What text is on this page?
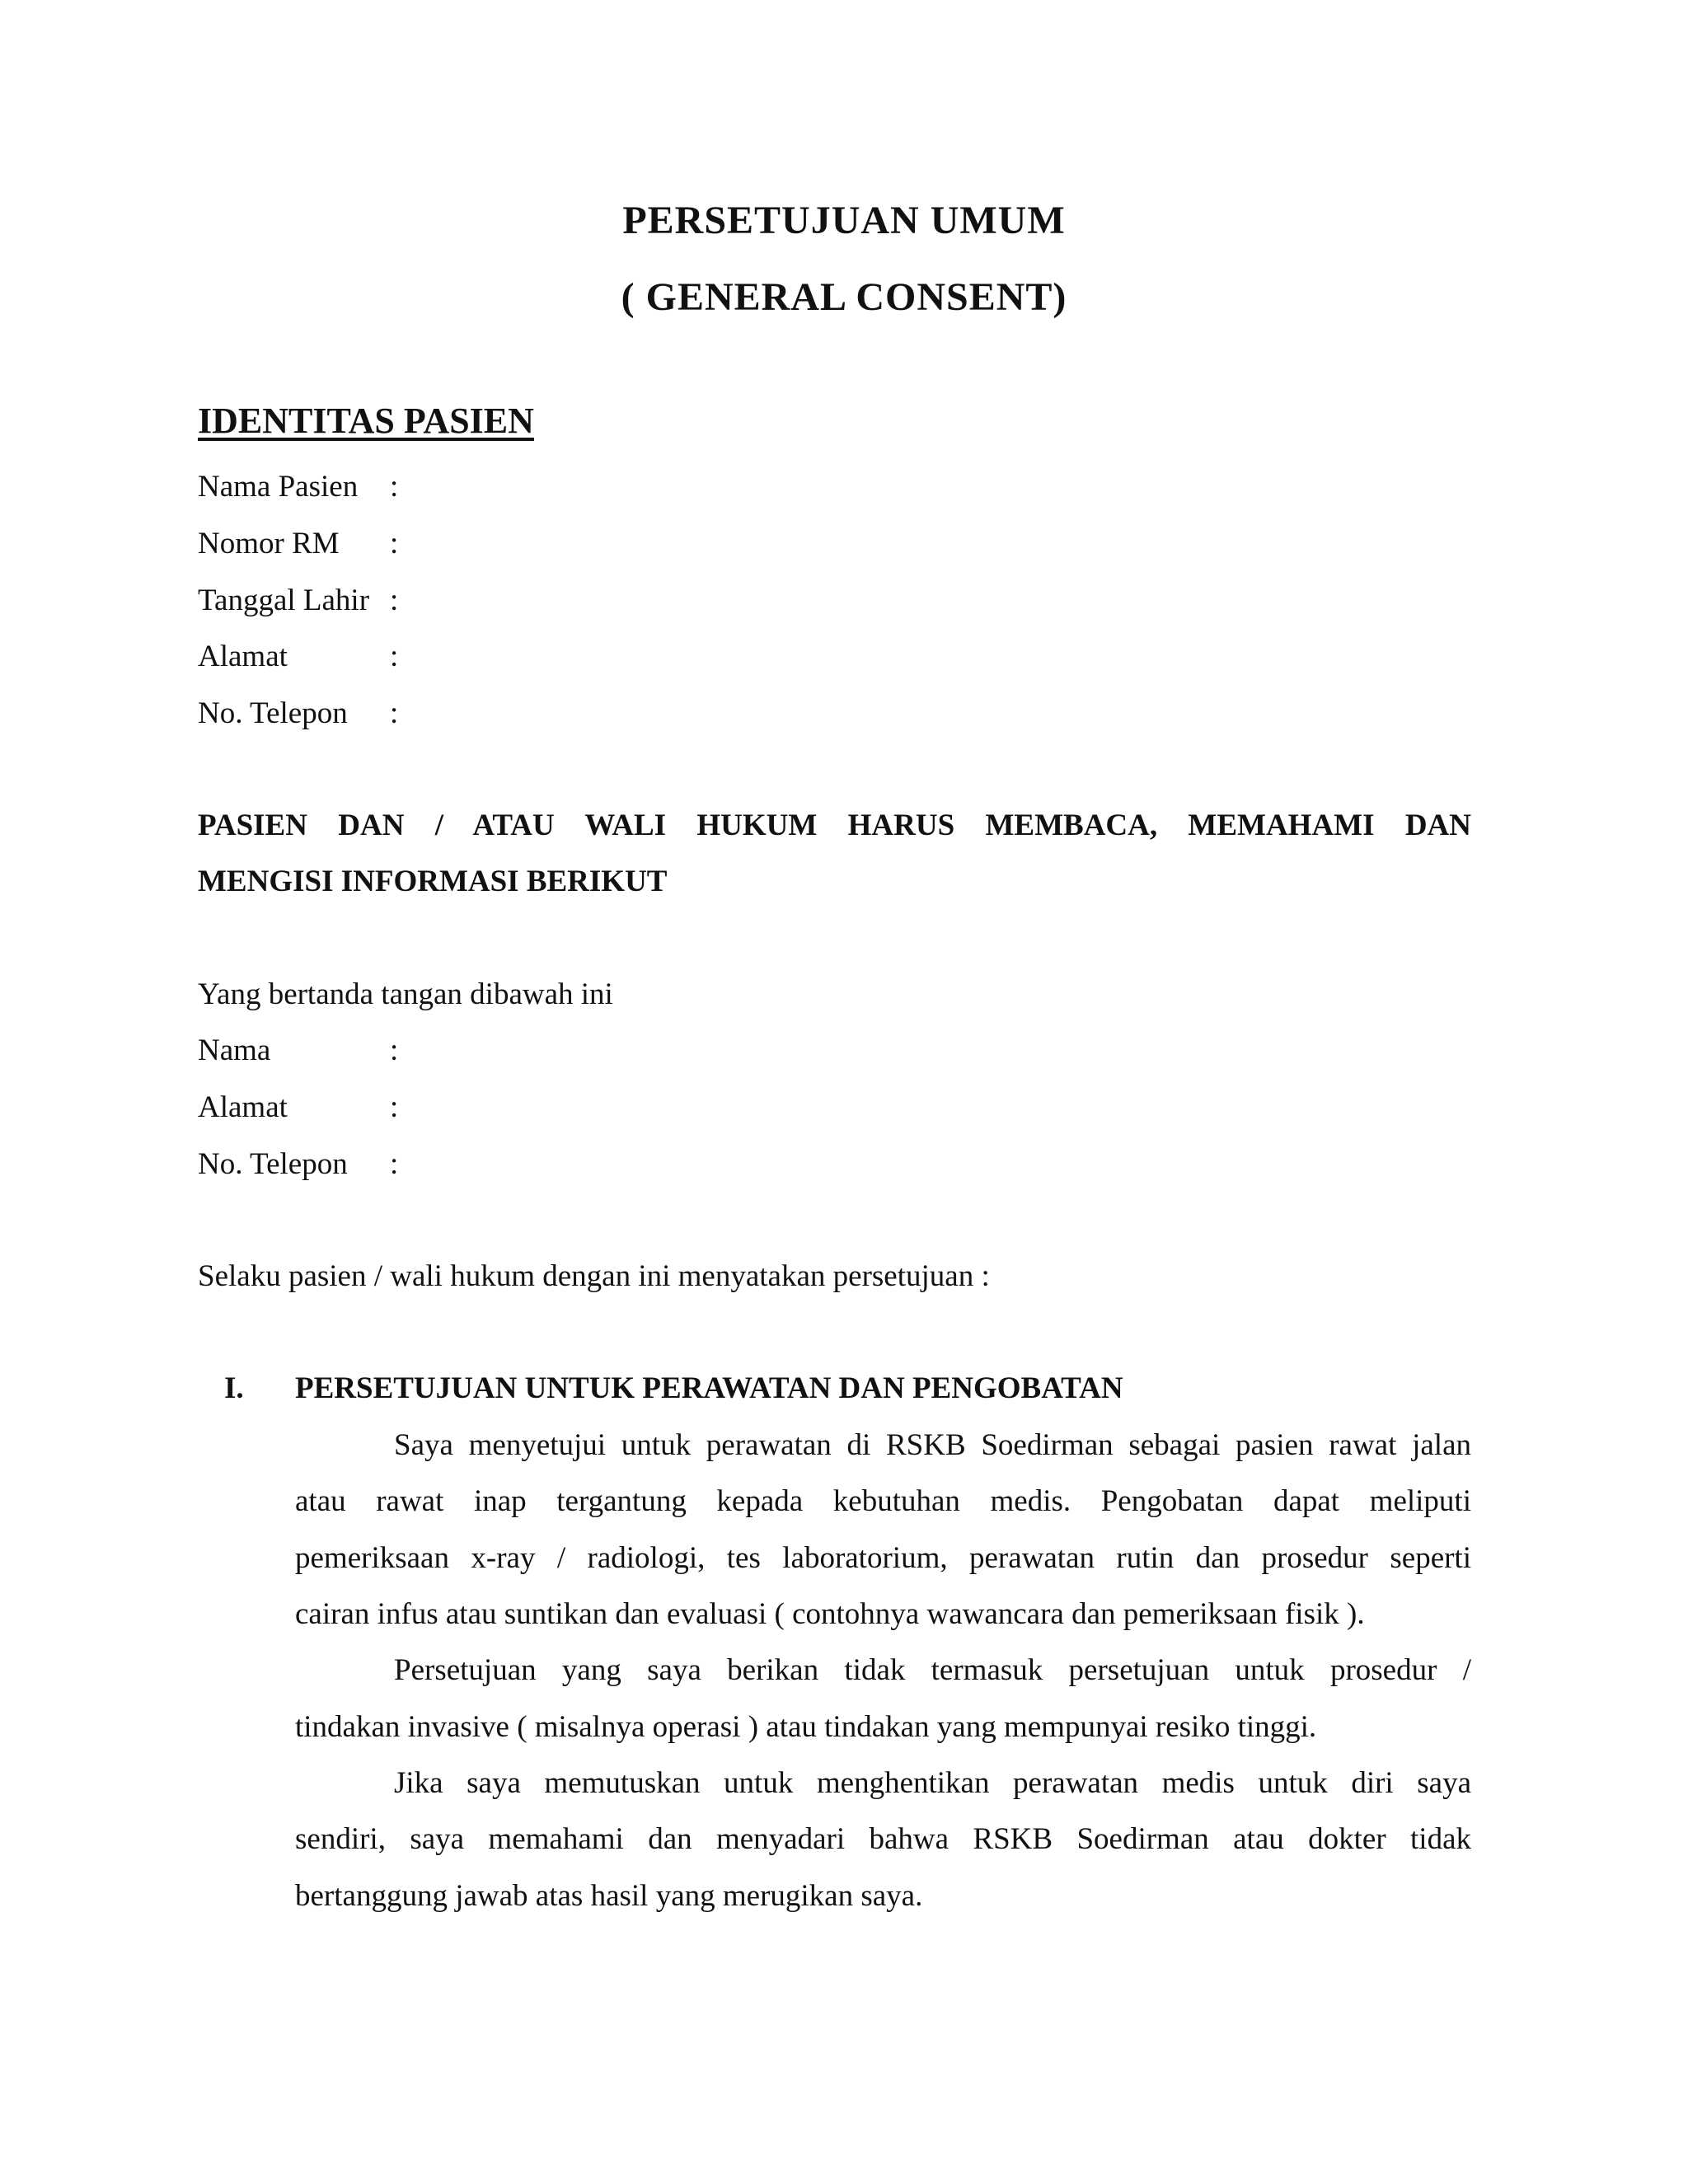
PERSETUJUAN UMUM
( GENERAL CONSENT)
IDENTITAS PASIEN
Nama Pasien :
Nomor RM :
Tanggal Lahir :
Alamat	:
No. Telepon :
PASIEN DAN / ATAU WALI HUKUM HARUS MEMBACA, MEMAHAMI DAN
MENGISI INFORMASI BERIKUT
Yang bertanda tangan dibawah ini
Nama	:
Alamat	:
No. Telepon :
Selaku pasien / wali hukum dengan ini menyatakan persetujuan :
I. PERSETUJUAN UNTUK PERAWATAN DAN PENGOBATAN
Saya menyetujui untuk perawatan di RSKB Soedirman sebagai pasien rawat jalan
atau rawat inap tergantung kepada kebutuhan medis. Pengobatan dapat meliputi
pemeriksaan x-ray / radiologi, tes laboratorium, perawatan rutin dan prosedur seperti
cairan infus atau suntikan dan evaluasi ( contohnya wawancara dan pemeriksaan fisik ).
Persetujuan yang saya berikan tidak termasuk persetujuan untuk prosedur /
tindakan invasive ( misalnya operasi ) atau tindakan yang mempunyai resiko tinggi.
Jika saya memutuskan untuk menghentikan perawatan medis untuk diri saya
sendiri, saya memahami dan menyadari bahwa RSKB Soedirman atau dokter tidak
bertanggung jawab atas hasil yang merugikan saya.
